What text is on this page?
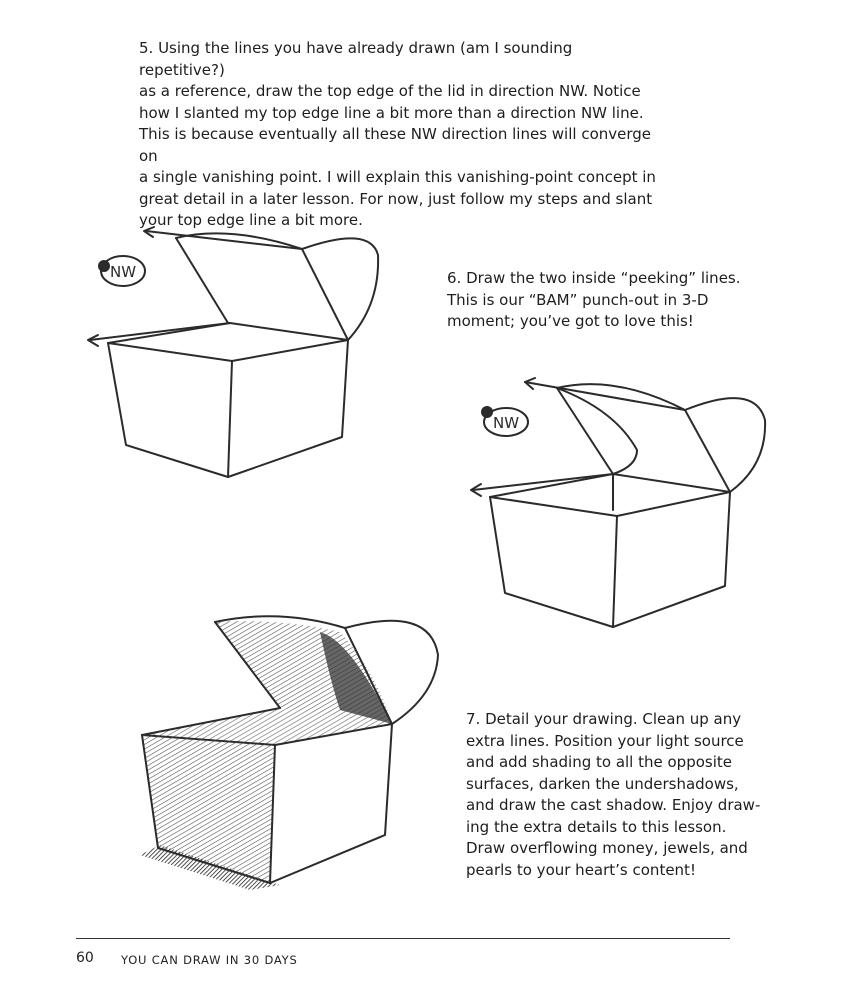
5. Using the lines you have already drawn (am I sounding repetitive?)
as a reference, draw the top edge of the lid in direction NW. Notice
how I slanted my top edge line a bit more than a direction NW line.
This is because eventually all these NW direction lines will converge on
a single vanishing point. I will explain this vanishing-point concept in
great detail in a later lesson. For now, just follow my steps and slant
your top edge line a bit more.

NW	6. Draw the two inside “peeking” lines.
This is our “BAM” punch-out in 3-D
moment; you’ve got to love this!

NW

7. Detail your drawing. Clean up any
extra lines. Position your light source
and add shading to all the opposite
surfaces, darken the undershadows,
and draw the cast shadow. Enjoy draw-
ing the extra details to this lesson.
Draw overflowing money, jewels, and
pearls to your heart’s content!

60 YOU CAN DRAW IN 30 DAYS
